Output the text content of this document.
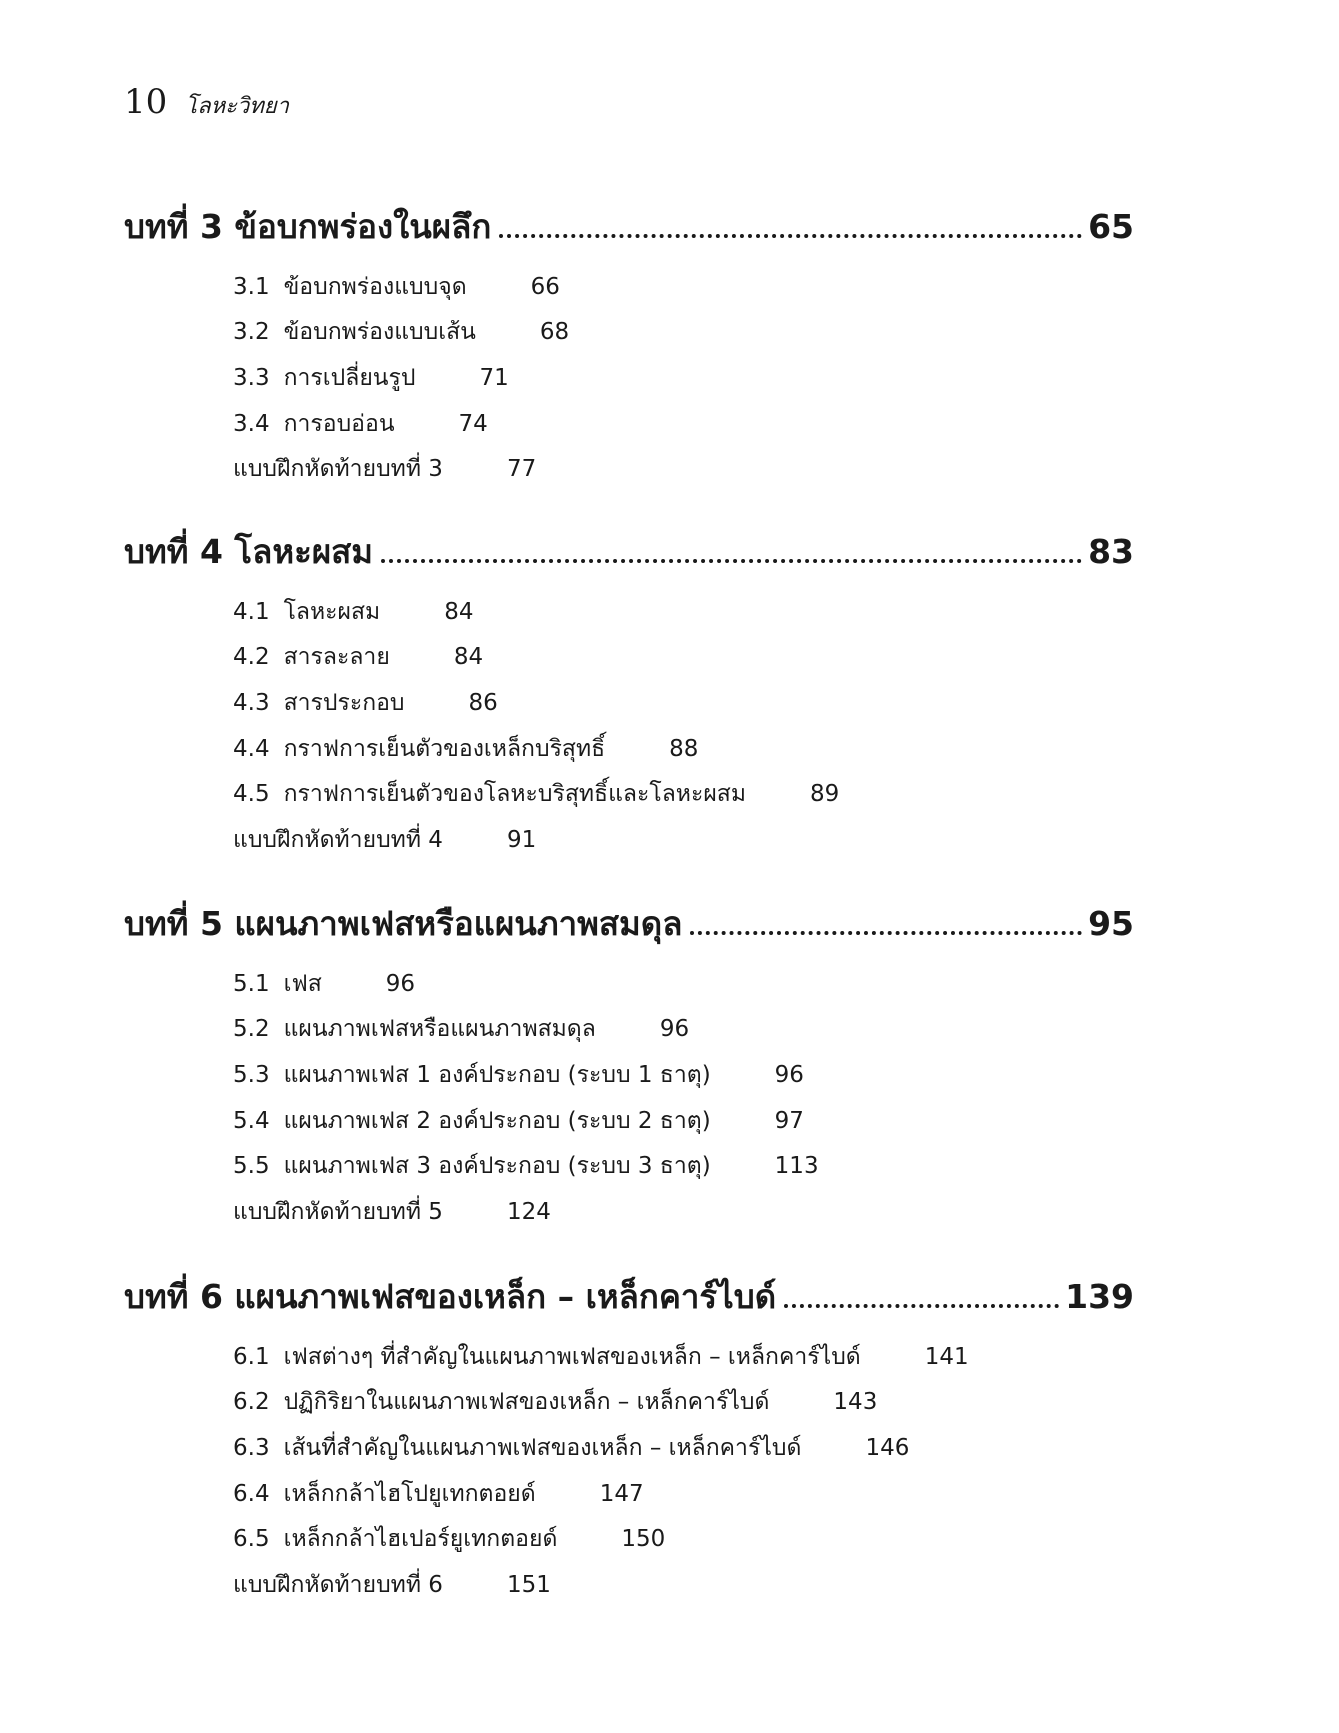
10 โลหะวิทยา
บทที่ 3 ข้อบกพร่องในผลึก	65
3.1 ข้อบกพร่องแบบจุด	66
3.2 ข้อบกพร่องแบบเส้น	68
3.3 การเปลี่ยนรูป	71
3.4 การอบอ่อน	74
แบบฝึกหัดท้ายบทที่ 3	77
บทที่ 4 โลหะผสม	83
4.1 โลหะผสม	84
4.2 สารละลาย	84
4.3 สารประกอบ	86
4.4 กราฟการเย็นตัวของเหล็กบริสุทธิ์	88
4.5 กราฟการเย็นตัวของโลหะบริสุทธิ์และโลหะผสม	89
แบบฝึกหัดท้ายบทที่ 4	91
บทที่ 5 แผนภาพเฟสหรือแผนภาพสมดุล	95
5.1 เฟส	96
5.2 แผนภาพเฟสหรือแผนภาพสมดุล	96
5.3 แผนภาพเฟส 1 องค์ประกอบ (ระบบ 1 ธาตุ)	96
5.4 แผนภาพเฟส 2 องค์ประกอบ (ระบบ 2 ธาตุ)	97
5.5 แผนภาพเฟส 3 องค์ประกอบ (ระบบ 3 ธาตุ)	113
แบบฝึกหัดท้ายบทที่ 5	124
บทที่ 6 แผนภาพเฟสของเหล็ก – เหล็กคาร์ไบด์	139
6.1 เฟสต่างๆ ที่สำคัญในแผนภาพเฟสของเหล็ก – เหล็กคาร์ไบด์	141
6.2 ปฏิกิริยาในแผนภาพเฟสของเหล็ก – เหล็กคาร์ไบด์	143
6.3 เส้นที่สำคัญในแผนภาพเฟสของเหล็ก – เหล็กคาร์ไบด์	146
6.4 เหล็กกล้าไฮโปยูเทกตอยด์	147
6.5 เหล็กกล้าไฮเปอร์ยูเทกตอยด์	150
แบบฝึกหัดท้ายบทที่ 6	151
